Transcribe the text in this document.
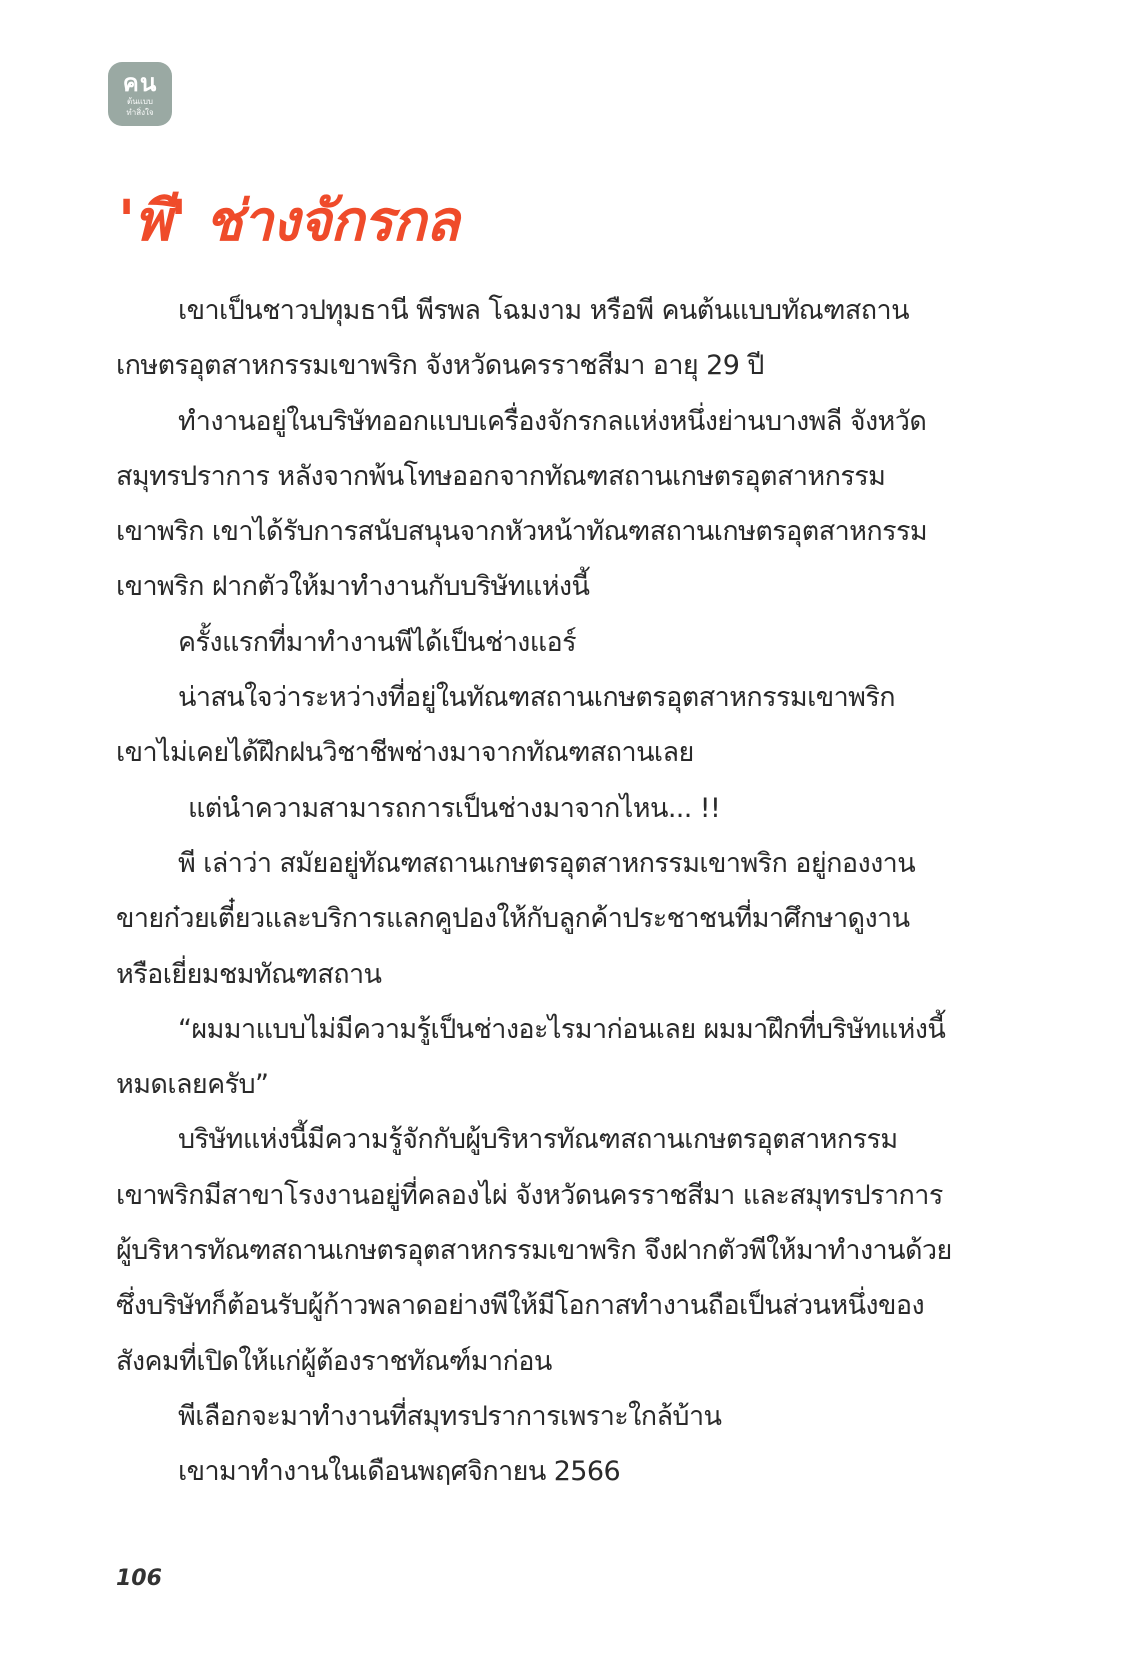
คน
ต้นแบบ
ทำสิ่งใจ
'พี' ช่างจักรกล
เขาเป็นชาวปทุมธานี พีรพล โฉมงาม หรือพี คนต้นแบบทัณฑสถาน
เกษตรอุตสาหกรรมเขาพริก จังหวัดนครราชสีมา อายุ 29 ปี
ทำงานอยู่ในบริษัทออกแบบเครื่องจักรกลแห่งหนึ่งย่านบางพลี จังหวัด
สมุทรปราการ หลังจากพ้นโทษออกจากทัณฑสถานเกษตรอุตสาหกรรม
เขาพริก เขาได้รับการสนับสนุนจากหัวหน้าทัณฑสถานเกษตรอุตสาหกรรม
เขาพริก ฝากตัวให้มาทำงานกับบริษัทแห่งนี้
ครั้งแรกที่มาทำงานพีได้เป็นช่างแอร์
น่าสนใจว่าระหว่างที่อยู่ในทัณฑสถานเกษตรอุตสาหกรรมเขาพริก
เขาไม่เคยได้ฝึกฝนวิชาชีพช่างมาจากทัณฑสถานเลย
แต่นำความสามารถการเป็นช่างมาจากไหน... !!
พี เล่าว่า สมัยอยู่ทัณฑสถานเกษตรอุตสาหกรรมเขาพริก อยู่กองงาน
ขายก๋วยเตี๋ยวและบริการแลกคูปองให้กับลูกค้าประชาชนที่มาศึกษาดูงาน
หรือเยี่ยมชมทัณฑสถาน
“ผมมาแบบไม่มีความรู้เป็นช่างอะไรมาก่อนเลย ผมมาฝึกที่บริษัทแห่งนี้
หมดเลยครับ”
บริษัทแห่งนี้มีความรู้จักกับผู้บริหารทัณฑสถานเกษตรอุตสาหกรรม
เขาพริกมีสาขาโรงงานอยู่ที่คลองไผ่ จังหวัดนครราชสีมา และสมุทรปราการ
ผู้บริหารทัณฑสถานเกษตรอุตสาหกรรมเขาพริก จึงฝากตัวพีให้มาทำงานด้วย
ซึ่งบริษัทก็ต้อนรับผู้ก้าวพลาดอย่างพีให้มีโอกาสทำงานถือเป็นส่วนหนึ่งของ
สังคมที่เปิดให้แก่ผู้ต้องราชทัณฑ์มาก่อน
พีเลือกจะมาทำงานที่สมุทรปราการเพราะใกล้บ้าน
เขามาทำงานในเดือนพฤศจิกายน 2566
106
